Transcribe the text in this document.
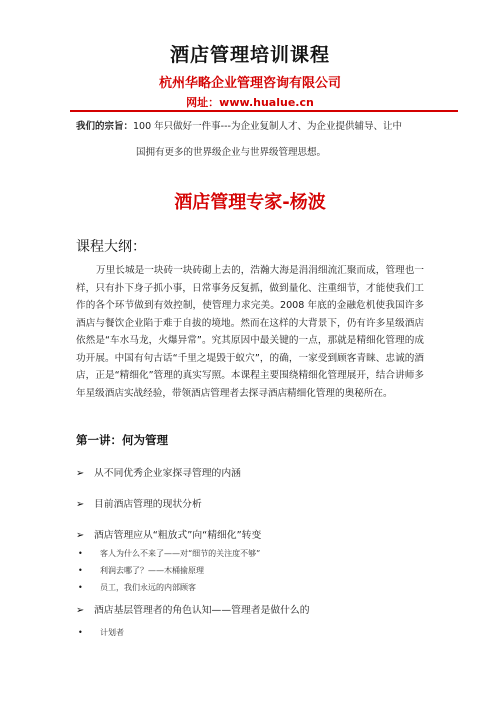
酒店管理培训课程
杭州华略企业管理咨询有限公司
网址：www.hualue.cn
我们的宗旨：100 年只做好一件事---为企业复制人才、为企业提供辅导、让中
国拥有更多的世界级企业与世界级管理思想。
酒店管理专家-杨波
课程大纲：

万里长城是一块砖一块砖砌上去的，浩瀚大海是涓涓细流汇聚而成，管理也一样，只有扑下身子抓小事，日常事务反复抓，做到量化、注重细节，才能使我们工作的各个环节做到有效控制，使管理力求完美。2008 年底的金融危机使我国许多酒店与餐饮企业陷于难于自拔的境地。然而在这样的大背景下，仍有许多星级酒店依然是“车水马龙，火爆异常”。究其原因中最关键的一点，那就是精细化管理的成功开展。中国有句古话“千里之堤毁于蚁穴”，的确，一家受到顾客青睐、忠诚的酒店，正是“精细化”管理的真实写照。本课程主要围绕精细化管理展开，结合讲师多年星级酒店实战经验，带领酒店管理者去探寻酒店精细化管理的奥秘所在。

第一讲：何为管理
➢ 从不同优秀企业家探寻管理的内涵
➢ 目前酒店管理的现状分析
➢ 酒店管理应从“粗放式”向“精细化”转变
• 客人为什么不来了——对“细节的关注度不够”
• 利润去哪了？——木桶揄原理
• 员工，我们永远的内部顾客
➢ 酒店基层管理者的角色认知——管理者是做什么的
• 计划者
